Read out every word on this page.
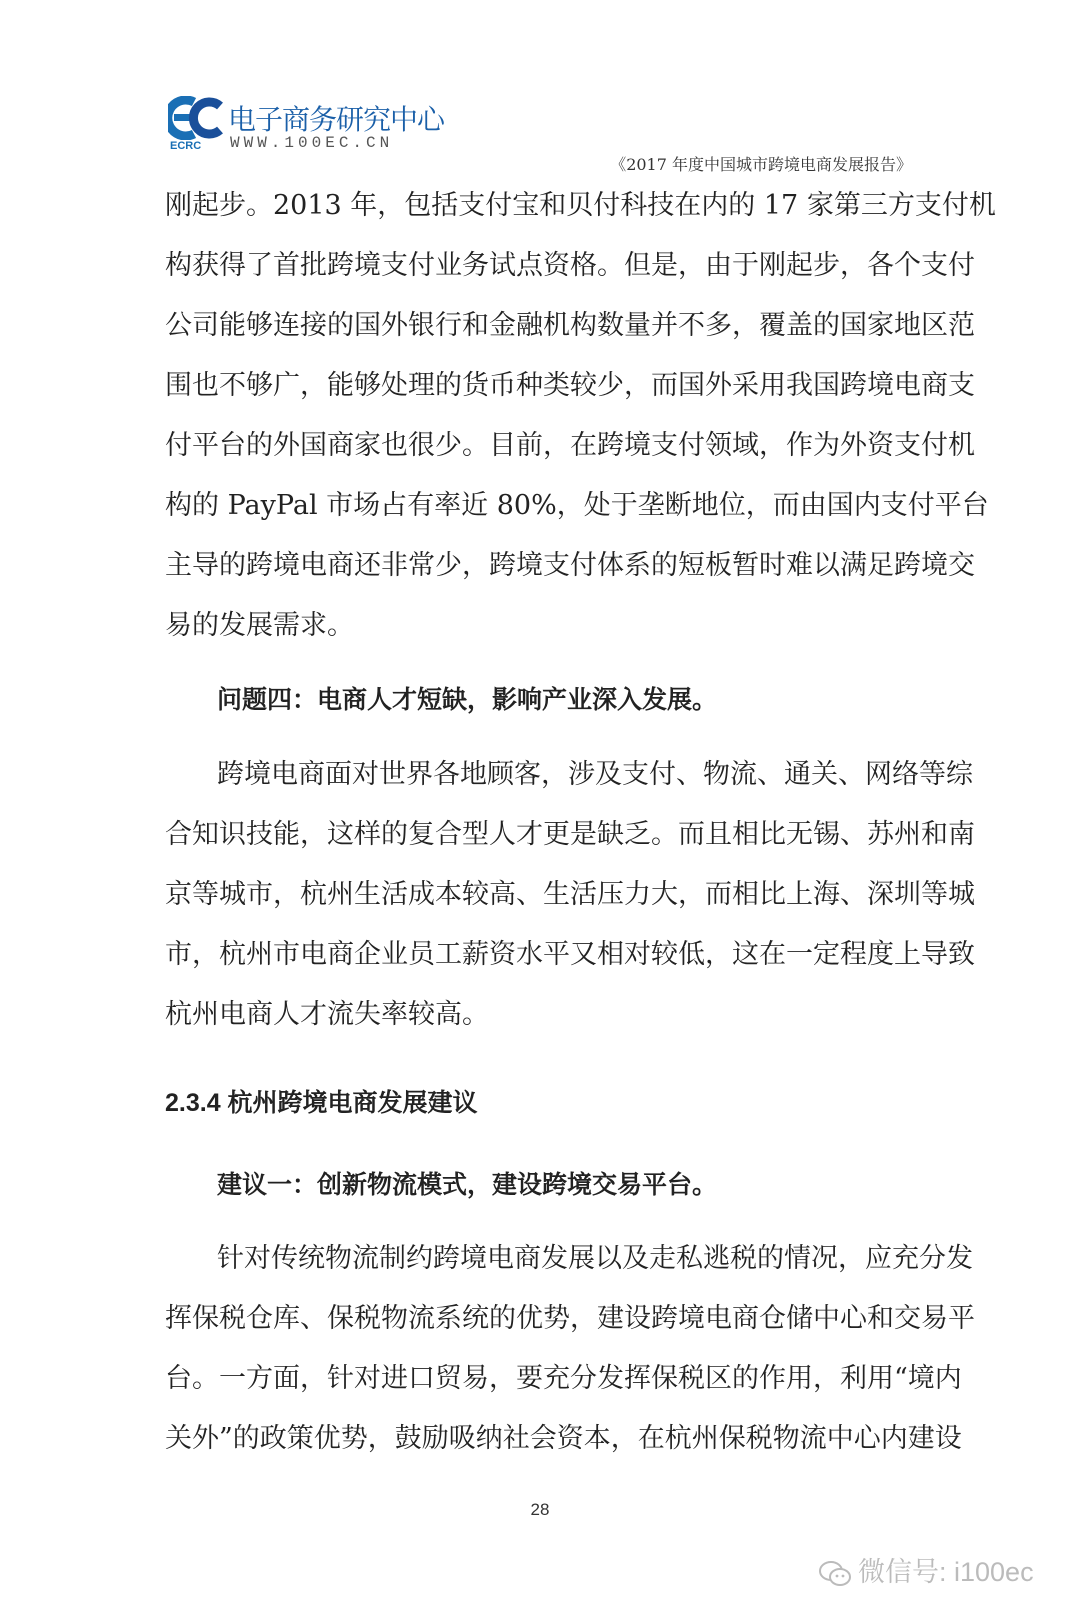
ECRC
电子商务研究中心
WWW.100EC.CN
《2017 年度中国城市跨境电商发展报告》
刚起步。2013 年，包括支付宝和贝付科技在内的 17 家第三方支付机
构获得了首批跨境支付业务试点资格。但是，由于刚起步，各个支付
公司能够连接的国外银行和金融机构数量并不多，覆盖的国家地区范
围也不够广，能够处理的货币种类较少，而国外采用我国跨境电商支
付平台的外国商家也很少。目前，在跨境支付领域，作为外资支付机
构的 PayPal 市场占有率近 80%，处于垄断地位，而由国内支付平台
主导的跨境电商还非常少，跨境支付体系的短板暂时难以满足跨境交
易的发展需求。
问题四：电商人才短缺，影响产业深入发展。
跨境电商面对世界各地顾客，涉及支付、物流、通关、网络等综
合知识技能，这样的复合型人才更是缺乏。而且相比无锡、苏州和南
京等城市，杭州生活成本较高、生活压力大，而相比上海、深圳等城
市，杭州市电商企业员工薪资水平又相对较低，这在一定程度上导致
杭州电商人才流失率较高。
2.3.4 杭州跨境电商发展建议
建议一：创新物流模式，建设跨境交易平台。
针对传统物流制约跨境电商发展以及走私逃税的情况，应充分发
挥保税仓库、保税物流系统的优势，建设跨境电商仓储中心和交易平
台。一方面，针对进口贸易，要充分发挥保税区的作用，利用“境内
关外”的政策优势，鼓励吸纳社会资本，在杭州保税物流中心内建设
28
微信号: i100ec
